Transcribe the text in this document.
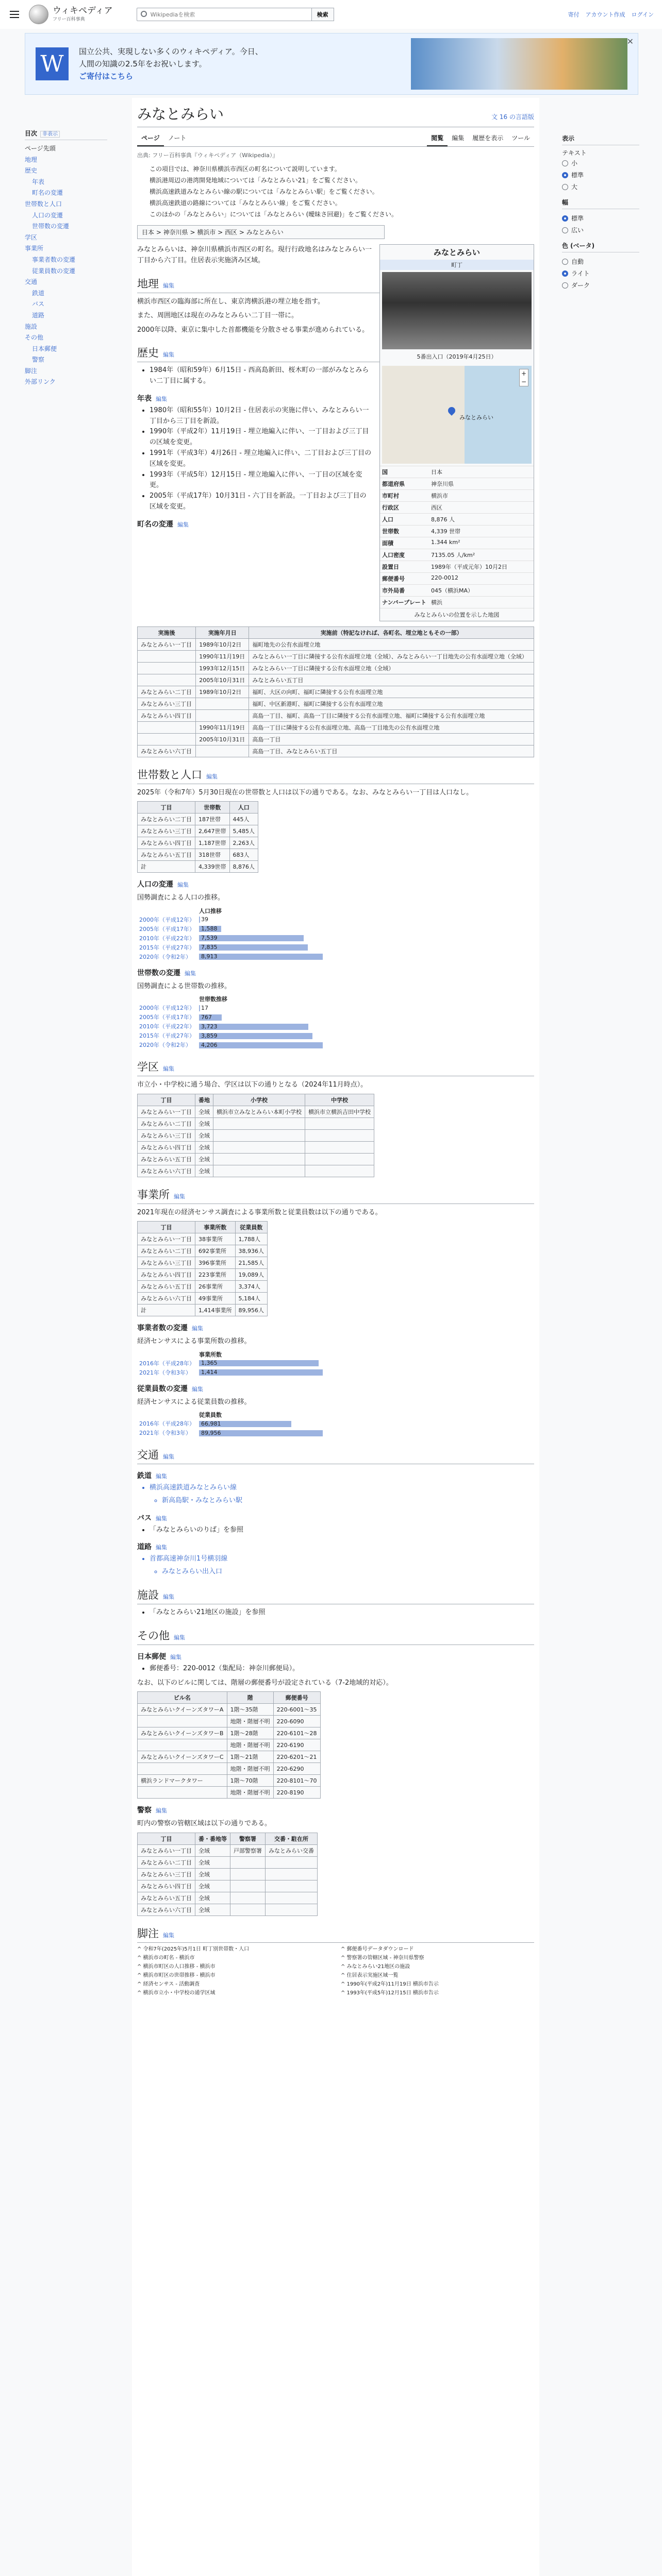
ウィキペディア
フリー百科事典
Wikipediaを検索
検索	寄付 アカウント作成 ログイン
W	国立公共、実現しない多くのウィキペディア。今日、
人間の知識の2.5年をお祝いします。
ご寄付はこちら
✕
目次 非表示
ページ先頭
地理
歴史
年表
町名の変遷
世帯数と人口
人口の変遷
世帯数の変遷
学区
事業所
事業者数の変遷
従業員数の変遷
交通
鉄道
バス
道路
施設
その他
日本郵便
警察
脚注
外部リンク
表示
テキスト
小
標準
大
幅
標準
広い
色 (ベータ)
自動
ライト
ダーク
みなとみらい	文 16 の言語版
ページ	ノート	閲覧	編集	履歴を表示	ツール
出典: フリー百科事典『ウィキペディア（Wikipedia）』
この項目では、神奈川県横浜市西区の町名について説明しています。
横浜港周辺の港湾開発地域については「みなとみらい21」をご覧ください。
横浜高速鉄道みなとみらい線の駅については「みなとみらい駅」をご覧ください。
横浜高速鉄道の路線については「みなとみらい線」をご覧ください。
このほかの「みなとみらい」については「みなとみらい (曖昧さ回避)」をご覧ください。
日本 > 神奈川県 > 横浜市 > 西区 > みなとみらい
みなとみらい
町丁
5番出入口（2019年4月25日）
みなとみらい
+
−
国	日本
都道府県	神奈川県
市町村	横浜市
行政区	西区
人口	8,876 人
世帯数	4,339 世帯
面積	1.344 km²
人口密度	7135.05 人/km²
設置日	1989年（平成元年）10月2日
郵便番号	220-0012
市外局番	045（横浜MA）
ナンバープレート 横浜
みなとみらいの位置を示した地図

みなとみらいは、神奈川県横浜市西区の町名。現行行政地名はみなとみらい一丁目から六丁目。住居表示実施済み区域。

地理 編集

横浜市西区の臨海部に所在し、東京湾横浜港の埋立地を指す。

また、周囲地区は現在のみなとみらい二丁目一帯に。

2000年以降、東京に集中した首都機能を分散させる事業が進められている。

歴史 編集
• 1984年（昭和59年）6月15日 - 西高島新田、桜木町の一部がみなとみらい二丁目に属する。
年表 編集
• 1980年（昭和55年）10月2日 - 住居表示の実施に伴い、みなとみらい一丁目から三丁目を新設。
• 1990年（平成2年）11月19日 - 埋立地編入に伴い、一丁目および三丁目の区域を変更。
• 1991年（平成3年）4月26日 - 埋立地編入に伴い、二丁目および三丁目の区域を変更。
• 1993年（平成5年）12月15日 - 埋立地編入に伴い、一丁目の区域を変更。
• 2005年（平成17年）10月31日 - 六丁目を新設。一丁目および三丁目の区域を変更。
町名の変遷 編集
実施後	実施年月日	実施前（特記なければ、各町名、埋立地ともその一部）
みなとみらい一丁目	1989年10月2日	福町地先の公有水面埋立地
	1990年11月19日	みなとみらい一丁目に隣接する公有水面埋立地（全域）、みなとみらい一丁目地先の公有水面埋立地（全域）
	1993年12月15日	みなとみらい一丁目に隣接する公有水面埋立地（全域）
	2005年10月31日	みなとみらい五丁目
みなとみらい二丁目	1989年10月2日	福町、大区の向町、福町に隣接する公有水面埋立地
みなとみらい三丁目		福町、中区新港町、福町に隣接する公有水面埋立地
みなとみらい四丁目		高島一丁目、福町、高島一丁目に隣接する公有水面埋立地、福町に隣接する公有水面埋立地
	1990年11月19日	高島一丁目に隣接する公有水面埋立地、高島一丁目地先の公有水面埋立地
	2005年10月31日	高島一丁目
みなとみらい六丁目		高島一丁目、みなとみらい五丁目
世帯数と人口 編集

2025年（令和7年）5月30日現在の世帯数と人口は以下の通りである。なお、みなとみらい一丁目は人口なし。

丁目	世帯数	人口
みなとみらい二丁目	187世帯	445人
みなとみらい三丁目	2,647世帯	5,485人
みなとみらい四丁目	1,187世帯	2,263人
みなとみらい五丁目	318世帯	683人
計	4,339世帯	8,876人
人口の変遷 編集

国勢調査による人口の推移。

人口推移
2000年（平成12年）	39
2005年（平成17年）	1,588
2010年（平成22年）	7,539
2015年（平成27年）	7,835
2020年（令和2年）	8,913
世帯数の変遷 編集

国勢調査による世帯数の推移。

世帯数推移
2000年（平成12年）	17
2005年（平成17年）	767
2010年（平成22年）	3,723
2015年（平成27年）	3,859
2020年（令和2年）	4,206
学区 編集

市立小・中学校に通う場合、学区は以下の通りとなる（2024年11月時点）。

丁目	番地	小学校	中学校
みなとみらい一丁目	全域	横浜市立みなとみらい本町小学校	横浜市立横浜吉田中学校
みなとみらい二丁目	全域		
みなとみらい三丁目	全域		
みなとみらい四丁目	全域		
みなとみらい五丁目	全域		
みなとみらい六丁目	全域		
事業所 編集

2021年現在の経済センサス調査による事業所数と従業員数は以下の通りである。

丁目	事業所数	従業員数
みなとみらい一丁目	38事業所	1,788人
みなとみらい二丁目	692事業所	38,936人
みなとみらい三丁目	396事業所	21,585人
みなとみらい四丁目	223事業所	19,089人
みなとみらい五丁目	26事業所	3,374人
みなとみらい六丁目	49事業所	5,184人
計	1,414事業所	89,956人
事業者数の変遷 編集

経済センサスによる事業所数の推移。

事業所数
2016年（平成28年）	1,365
2021年（令和3年）	1,414
従業員数の変遷 編集

経済センサスによる従業員数の推移。

従業員数
2016年（平成28年）	66,981
2021年（令和3年）	89,956
交通 編集
鉄道 編集
• 横浜高速鉄道みなとみらい線
◦ 新高島駅・みなとみらい駅
バス 編集
• 「みなとみらいのりば」を参照
道路 編集
• 首都高速神奈川1号横羽線
◦ みなとみらい出入口
施設 編集
• 「みなとみらい21地区の施設」を参照
その他 編集
日本郵便 編集
• 郵便番号：220-0012（集配局：神奈川郵便局）。

なお、以下のビルに関しては、階層の郵便番号が設定されている（7-2地域的対応）。

ビル名	階	郵便番号
みなとみらいクイーンズタワーA	1階～35階	220-6001～35
	地階・階層不明	220-6090
みなとみらいクイーンズタワーB	1階～28階	220-6101～28
	地階・階層不明	220-6190
みなとみらいクイーンズタワーC	1階～21階	220-6201～21
	地階・階層不明	220-6290
横浜ランドマークタワー	1階～70階	220-8101～70
	地階・階層不明	220-8190
警察 編集

町内の警察の管轄区域は以下の通りである。

丁目	番・番地等	警察署	交番・駐在所
みなとみらい一丁目	全域	戸部警察署	みなとみらい交番
みなとみらい二丁目	全域		
みなとみらい三丁目	全域		
みなとみらい四丁目	全域		
みなとみらい五丁目	全域		
みなとみらい六丁目	全域		
脚注 編集
^ 令和7年(2025年)5月1日 町丁別世帯数・人口
^ 横浜市の町名 - 横浜市
^ 横浜市町区の人口推移 - 横浜市
^ 横浜市町区の世帯推移 - 横浜市
^ 経済センサス - 活動調査
^ 横浜市立小・中学校の通学区域
^ 郵便番号データダウンロード
^ 警察署の管轄区域 - 神奈川県警察
^ みなとみらい21地区の施設
^ 住居表示実施区域一覧
^ 1990年(平成2年)11月19日 横浜市告示
^ 1993年(平成5年)12月15日 横浜市告示
